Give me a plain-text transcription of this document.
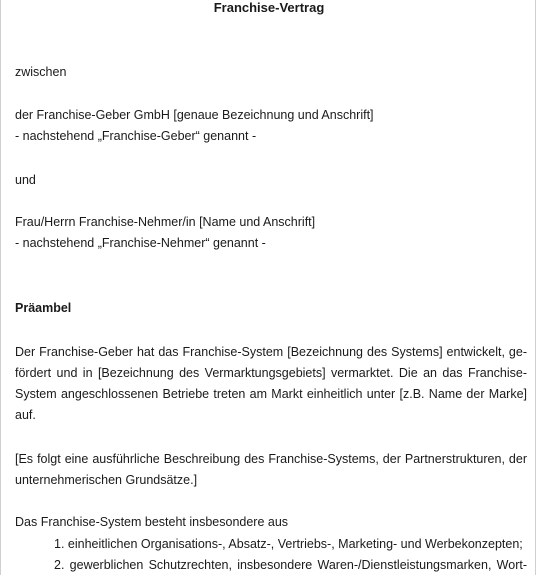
Franchise-Vertrag
zwischen
der Franchise-Geber GmbH [genaue Bezeichnung und Anschrift]
- nachstehend „Franchise-Geber“ genannt -
und
Frau/Herrn Franchise-Nehmer/in [Name und Anschrift]
- nachstehend „Franchise-Nehmer“ genannt -
Präambel
Der Franchise-Geber hat das Franchise-System [Bezeichnung des Systems] entwickelt, ge-
fördert und in [Bezeichnung des Vermarktungsgebiets] vermarktet. Die an das Franchise-
System angeschlossenen Betriebe treten am Markt einheitlich unter [z.B. Name der Marke]
auf.
[Es folgt eine ausführliche Beschreibung des Franchise-Systems, der Partnerstrukturen, der
unternehmerischen Grundsätze.]
Das Franchise-System besteht insbesondere aus
1. einheitlichen Organisations-, Absatz-, Vertriebs-, Marketing- und Werbekonzepten;
2. gewerblichen Schutzrechten, insbesondere Waren-/Dienstleistungsmarken, Wort-
